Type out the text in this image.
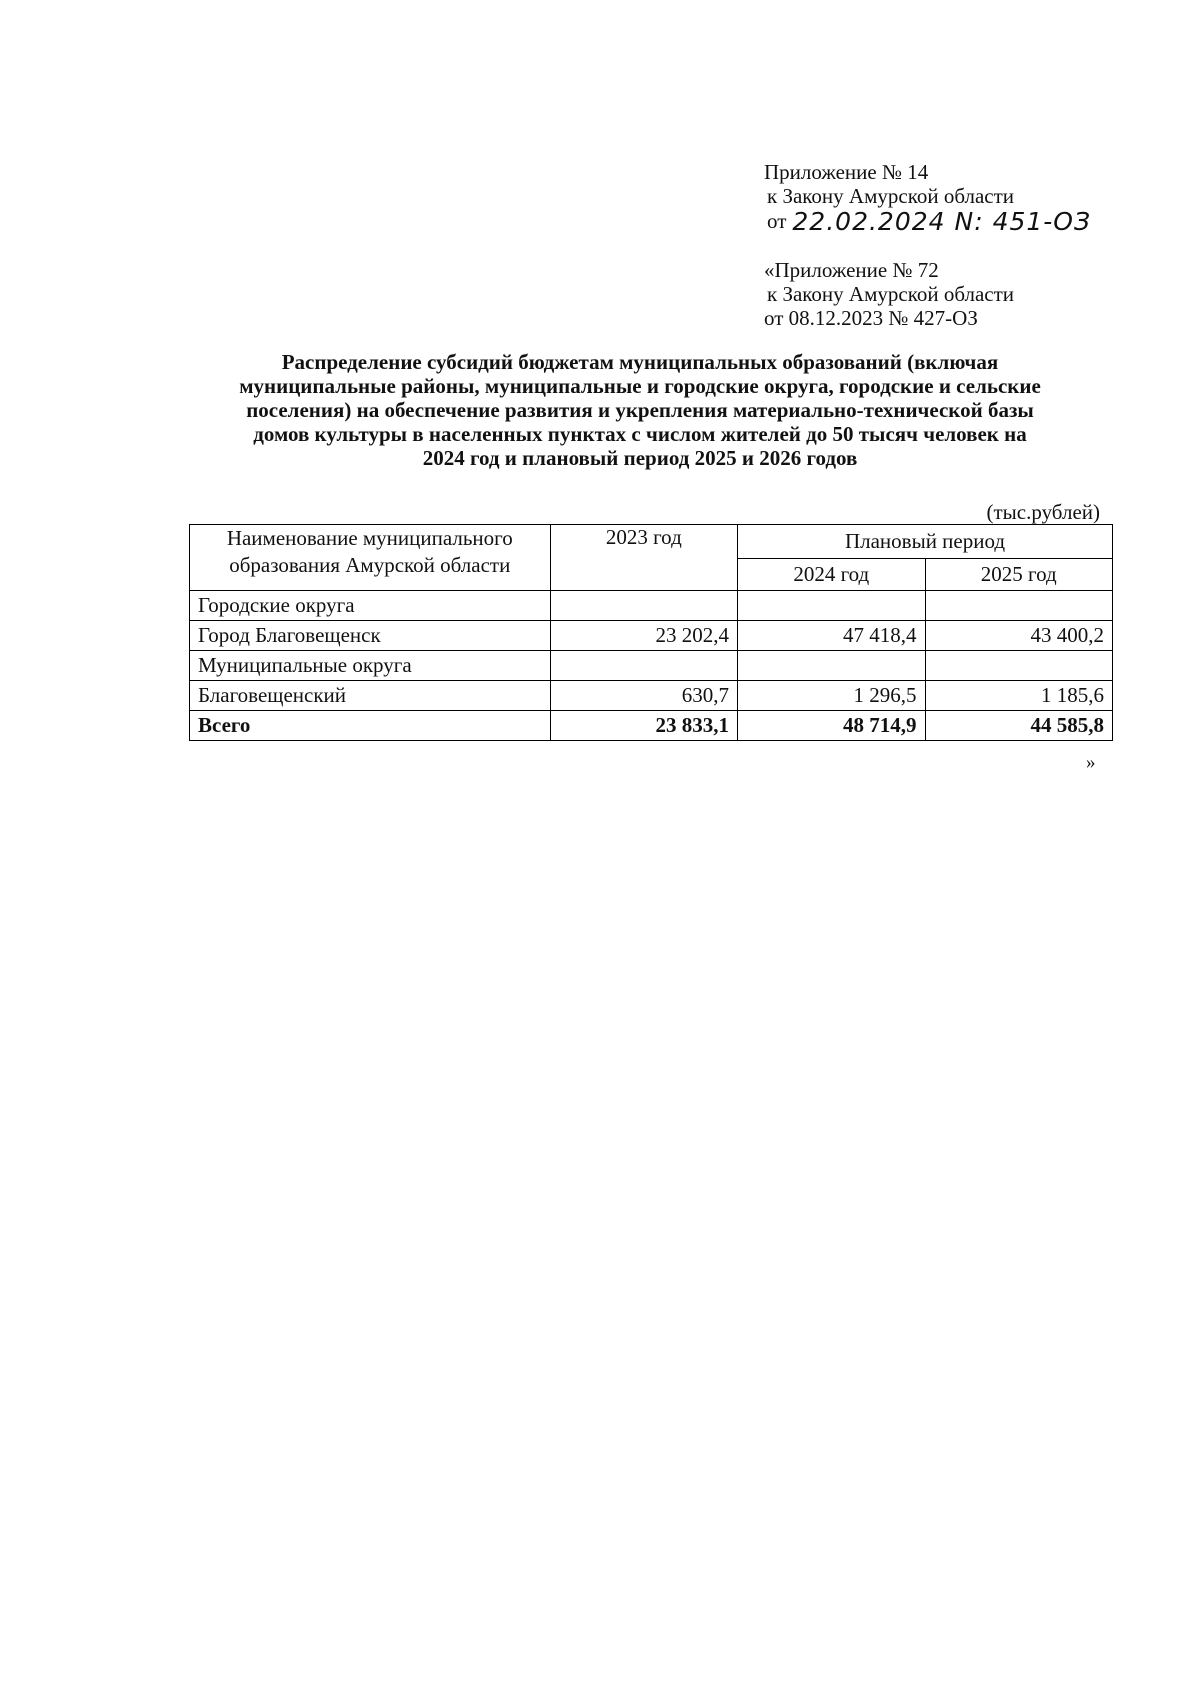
Приложение № 14
к Закону Амурской области
от 22.02.2024 N: 451-ОЗ
«Приложение № 72
к Закону Амурской области
от 08.12.2023 № 427-ОЗ
Распределение субсидий бюджетам муниципальных образований (включая
муниципальные районы, муниципальные и городские округа, городские и сельские
поселения) на обеспечение развития и укрепления материально-технической базы
домов культуры в населенных пунктах с числом жителей до 50 тысяч человек на
2024 год и плановый период 2025 и 2026 годов
(тыс.рублей)
Наименование муниципального
образования Амурской области	2023 год	Плановый период	
		2024 год	2025 год
Городские округа			
Город Благовещенск	23 202,4	47 418,4	43 400,2
Муниципальные округа			
Благовещенский	630,7	1 296,5	1 185,6
Всего	23 833,1	48 714,9	44 585,8
»
